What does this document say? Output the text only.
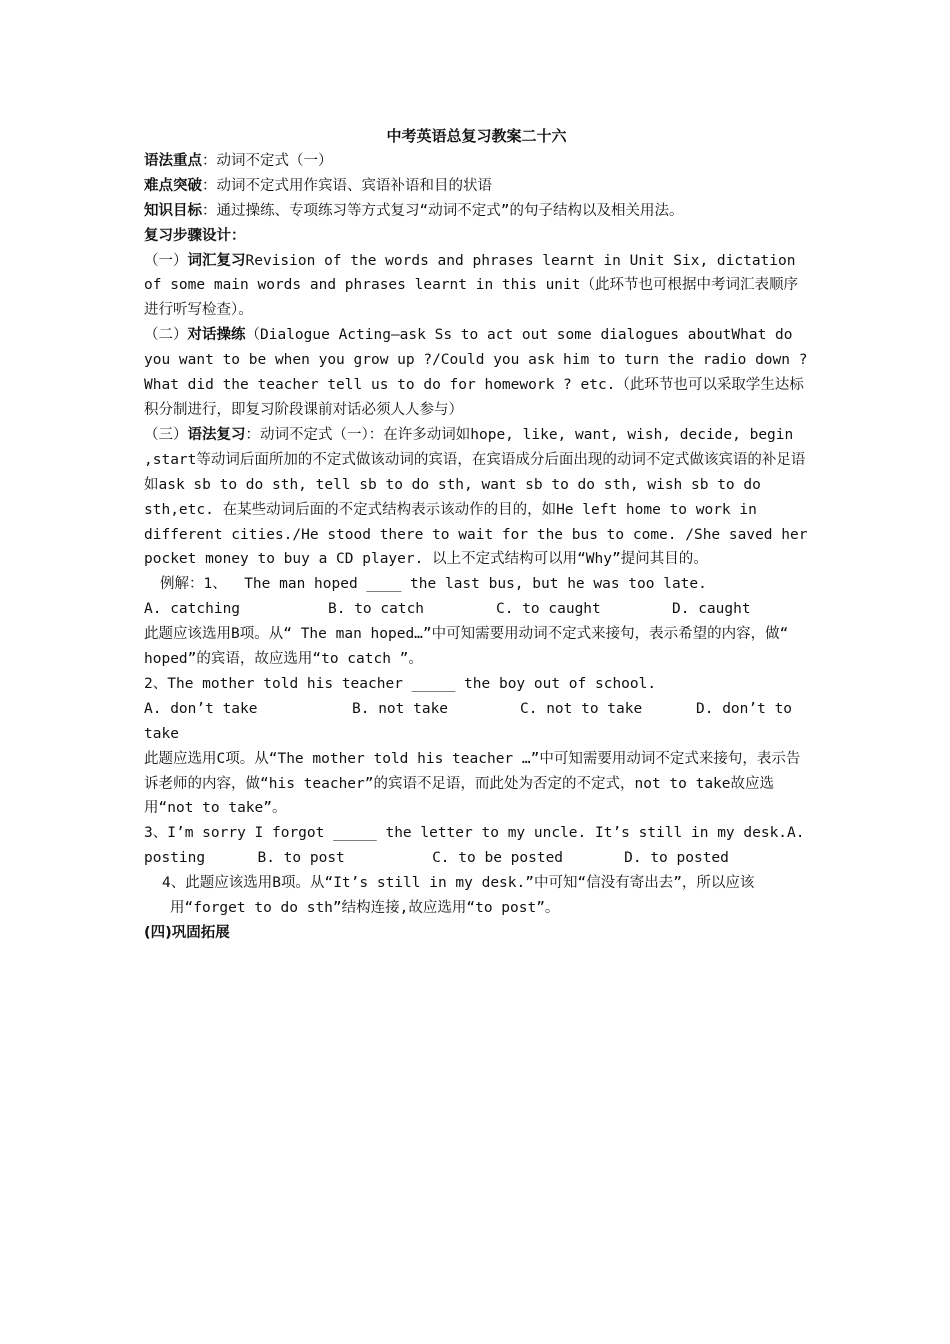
中考英语总复习教案二十六
语法重点：动词不定式（一）
难点突破：动词不定式用作宾语、宾语补语和目的状语
知识目标：通过操练、专项练习等方式复习“动词不定式”的句子结构以及相关用法。
复习步骤设计：
（一）词汇复习Revision of the words and phrases learnt in Unit Six, dictation of some main words and phrases learnt in this unit（此环节也可根据中考词汇表顺序进行听写检查）。
（二）对话操练（Dialogue Acting—ask Ss to act out some dialogues aboutWhat do you want to be when you grow up ?/Could you ask him to turn the radio down ? What did the teacher tell us to do for homework ? etc.（此环节也可以采取学生达标积分制进行，即复习阶段课前对话必须人人参与）
（三）语法复习：动词不定式（一）：在许多动词如hope, like, want, wish, decide, begin ,start等动词后面所加的不定式做该动词的宾语，在宾语成分后面出现的动词不定式做该宾语的补足语如ask sb to do sth, tell sb to do sth, want sb to do sth, wish sb to do sth,etc. 在某些动词后面的不定式结构表示该动作的目的，如He left home to work in different cities./He stood there to wait for the bus to come. /She saved her pocket money to buy a CD player. 以上不定式结构可以用“Why”提问其目的。
例解：1、  The man hoped ____ the last bus, but he was too late.
A. catching	B. to catch	C. to caught	D. caught
此题应该选用B项。从“ The man hoped…”中可知需要用动词不定式来接句，表示希望的内容，做“ hoped”的宾语，故应选用“to catch ”。
2、The mother told his teacher _____ the boy out of school.
A. don’t take	B. not take	C. not to take	D. don’t to
take
此题应选用C项。从“The mother told his teacher …”中可知需要用动词不定式来接句，表示告诉老师的内容，做“his teacher”的宾语不足语，而此处为否定的不定式，not to take故应选用“not to take”。
3、I’m sorry I forgot _____ the letter to my uncle. It’s still in my desk.A. posting      B. to post          C. to be posted       D. to posted
4、此题应该选用B项。从“It’s still in my desk.”中可知“信没有寄出去”，所以应该用“forget to do sth”结构连接,故应选用“to post”。
(四)巩固拓展
